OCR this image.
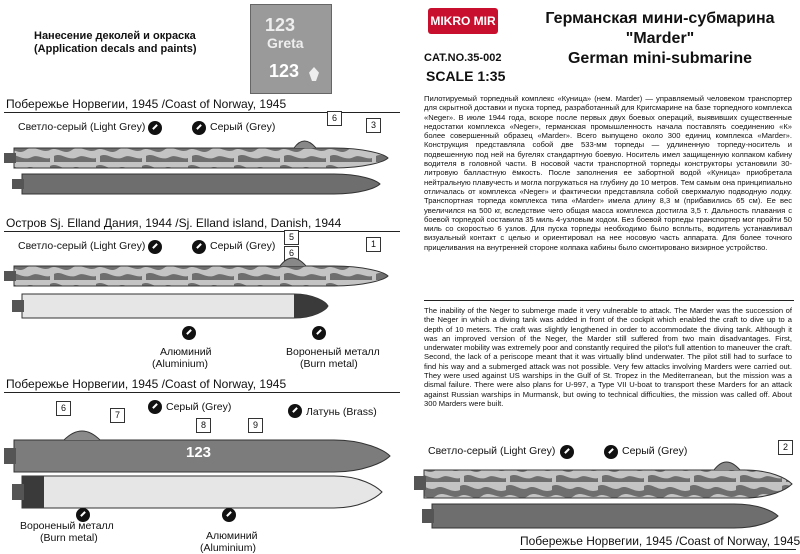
Нанесение деколей и окраска
(Application decals and paints)
123
Greta
123
MIKRO MIR
CAT.NO.35-002
SCALE 1:35
Германская мини-субмарина
"Marder"
German mini-submarine
Побережье Норвегии, 1945 /Coast of Norway, 1945
Светло-серый (Light Grey)	Серый (Grey)
6
3
Остров Sj. Elland Дания, 1944 /Sj. Elland island, Danish, 1944
Светло-серый (Light Grey)	Серый (Grey)
5
6
1
Алюминий
(Aluminium)
Вороненый металл
(Burn metal)
Побережье Норвегии, 1945 /Coast of Norway, 1945
Серый (Grey)	Латунь (Brass)
6
7
8	9
123
Вороненый металл
(Burn metal)	Алюминий
(Aluminium)
Пилотируемый торпедный комплекс «Куница» (нем. Marder) — управляемый человеком транспортер для скрытной доставки и пуска торпед, разработанный для Кригсмарине на базе торпедного комплекса «Neger». В июле 1944 года, вскоре после первых двух боевых операций, выявивших существенные недостатки комплекса «Neger», германская промышленность начала поставлять соединению «К» более совершенный образец «Marder». Всего выпущено около 300 единиц комплекса «Marder». Конструкция представляла собой две 533-мм торпеды — удлиненную торпеду-носитель и подвешенную под ней на бугелях стандартную боевую. Носитель имел защищенную колпаком кабину водителя в головной части. В носовой части транспортной торпеды конструкторы установили 30-литровую балластную ёмкость. После заполнения ее забортной водой «Куница» приобретала нейтральную плавучесть и могла погружаться на глубину до 10 метров. Тем самым она принципиально отличалась от комплекса «Neger» и фактически представляла собой сверхмалую подводную лодку. Транспортная торпеда комплекса типа «Marder» имела длину 8,3 м (прибавились 65 см). Ее вес увеличился на 500 кг, вследствие чего общая масса комплекса достигла 3,5 т. Дальность плавания с боевой торпедой составила 35 миль 4-узловым ходом. Без боевой торпеды транспортер мог пройти 50 миль со скоростью 6 узлов. Для пуска торпеды необходимо было всплыть, водитель устанавливал визуальный контакт с целью и ориентировал на нее носовую часть аппарата. Для более точного прицеливания на внутренней стороне колпака кабины было смонтировано визирное устройство.
The inability of the Neger to submerge made it very vulnerable to attack. The Marder was the succession of the Neger in which a diving tank was added in front of the cockpit which enabled the craft to dive up to a depth of 10 meters. The craft was slightly lengthened in order to accommodate the diving tank. Although it was an improved version of the Neger, the Marder still suffered from two main disadvantages. First, underwater mobility was extremely poor and constantly required the pilot's full attention to maneuver the craft. Second, the lack of a periscope meant that it was virtually blind underwater. The pilot still had to surface to find his way and a submerged attack was not possible. Very few attacks involving Marders were carried out. They were used against US warships in the Gulf of St. Tropez in the Mediterranean, but the mission was a dismal failure. There were also plans for U-997, a Type VII U-boat to transport these Marders for an attack against Russian warships in Murmansk, but owing to technical difficulties, the mission was called off. About 300 Marders were built.
Светло-серый (Light Grey)	Серый (Grey)	2
Побережье Норвегии, 1945 /Coast of Norway, 1945
